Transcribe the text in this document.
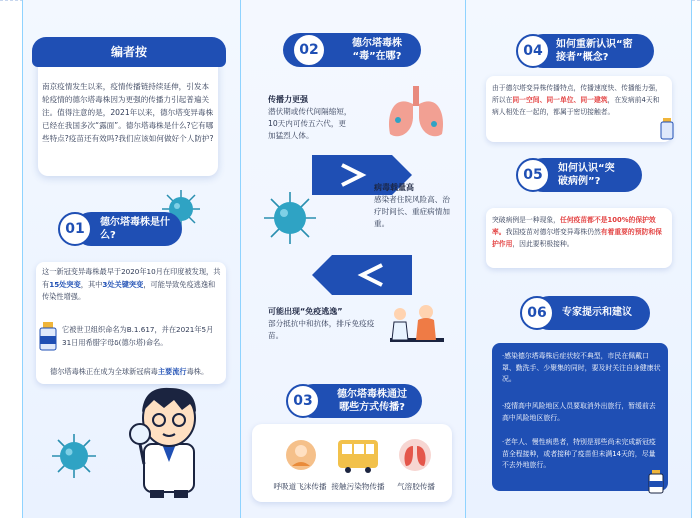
编者按
南京疫情发生以来，疫情传播链持续延伸，引发本轮疫情的德尔塔毒株因为更强的传播力引起普遍关注。值得注意的是，2021年以来，德尔塔变异毒株已经在我国多次“露面”。德尔塔毒株是什么?它有哪些特点?疫苗还有效吗?我们应该如何做好个人防护?
01	德尔塔毒株是什么?

这一新冠变异毒株最早于2020年10月在印度被发现，共有15处突变，其中3处关键突变，可能导致免疫逃逸和传染性增强。

它被世卫组织命名为B.1.617，并在2021年5月31日用希腊字母δ(德尔塔)命名。

德尔塔毒株正在成为全球新冠病毒主要流行毒株。

02	德尔塔毒株
“毒”在哪?
传播力更强
潜伏期或传代间隔缩短，10天内可传五六代，更加猛烈人体。
病毒载量高
感染者住院风险高、治疗时间长、重症病情加重。
可能出现“免疫逃逸”
部分抵抗中和抗体，排斥免疫疫苗。
03	德尔塔毒株通过
哪些方式传播?
呼吸道飞沫传播 接触污染物传播	气溶胶传播
04	如何重新认识“密
接者”概念?

由于德尔塔变异株传播特点，传播速度快、传播能力强，所以在同一空间、同一单位、同一建筑，在发病前4天和病人相处在一起的，都属于密切接触者。

05	如何认识“突
破病例”?

突破病例是一种现象，任何疫苗都不是100%的保护效率。我国疫苗对德尔塔变异毒株仍然有着重要的预防和保护作用，因此要积极接种。

06	专家提示和建议

·感染德尔塔毒株后症状较不典型，市民在佩戴口罩、勤洗手、少聚集的同时，要及时关注自身健康状况。

·疫情高中风险地区人员要取消外出旅行，暂缓前去高中风险地区旅行。

·老年人、慢性病患者，特别是那些尚未完成新冠疫苗全程接种，或者接种了疫苗但未满14天的，尽量不去外地旅行。
